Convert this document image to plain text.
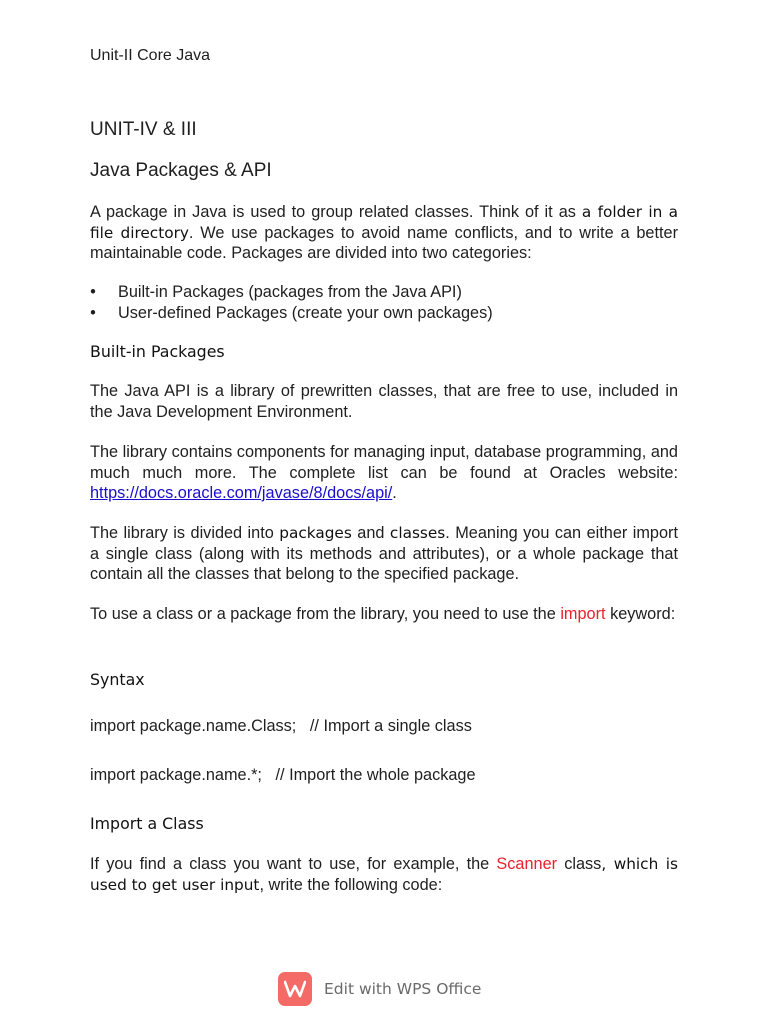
Unit-II Core Java
UNIT-IV & III
Java Packages & API

A package in Java is used to group related classes. Think of it as a folder in a file directory. We use packages to avoid name conflicts, and to write a better maintainable code. Packages are divided into two categories:

• Built-in Packages (packages from the Java API)
• User-defined Packages (create your own packages)
Built-in Packages

The Java API is a library of prewritten classes, that are free to use, included in the Java Development Environment.

The library contains components for managing input, database programming, and much much more. The complete list can be found at Oracles website: https://docs.oracle.com/javase/8/docs/api/.

The library is divided into packages and classes. Meaning you can either import a single class (along with its methods and attributes), or a whole package that contain all the classes that belong to the specified package.

To use a class or a package from the library, you need to use the import keyword:

Syntax
import package.name.Class;   // Import a single class
import package.name.*;   // Import the whole package
Import a Class

If you find a class you want to use, for example, the Scanner class, which is used to get user input, write the following code:

Edit with WPS Office
